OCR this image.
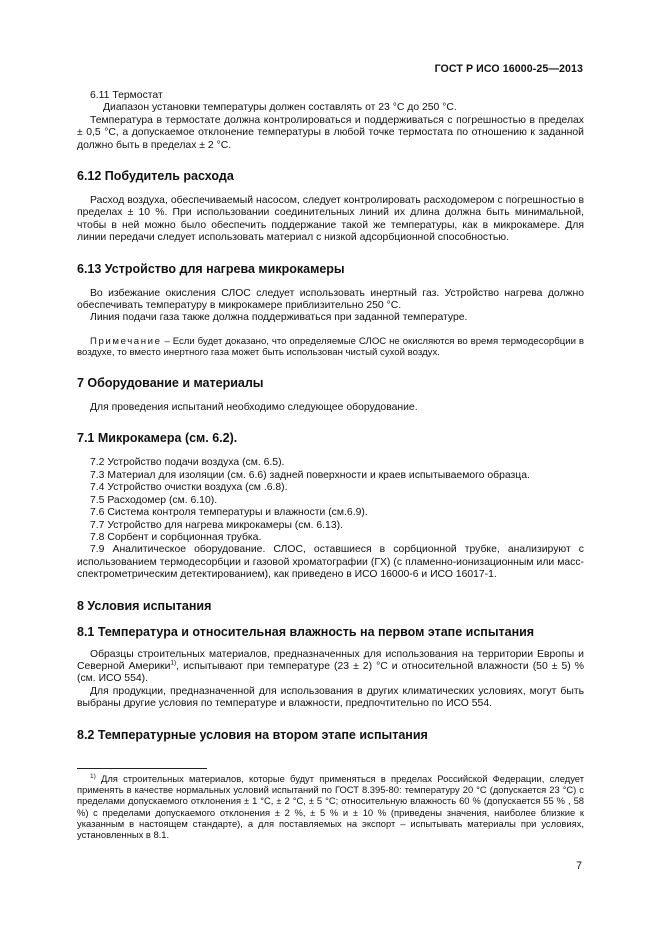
ГОСТ Р ИСО 16000-25—2013

6.11 Термостат

Диапазон установки температуры должен составлять от 23 °С до 250 °С.

Температура в термостате должна контролироваться и поддерживаться с погрешностью в пределах ± 0,5 °С, а допускаемое отклонение температуры в любой точке термостата по отношению к заданной должно быть в пределах ± 2 °С.

6.12 Побудитель расхода

Расход воздуха, обеспечиваемый насосом, следует контролировать расходомером с погрешностью в пределах ± 10 %. При использовании соединительных линий их длина должна быть минимальной, чтобы в ней можно было обеспечить поддержание такой же температуры, как в микрокамере. Для линии передачи следует использовать материал с низкой адсорбционной способностью.

6.13 Устройство для нагрева микрокамеры

Во избежание окисления СЛОС следует использовать инертный газ. Устройство нагрева должно обеспечивать температуру в микрокамере приблизительно 250 °С.

Линия подачи газа также должна поддерживаться при заданной температуре.

Примечание – Если будет доказано, что определяемые СЛОС не окисляются во время термодесорбции в воздухе, то вместо инертного газа может быть использован чистый сухой воздух.

7 Оборудование и материалы

Для проведения испытаний необходимо следующее оборудование.

7.1 Микрокамера (см. 6.2).

7.2 Устройство подачи воздуха (см. 6.5).

7.3 Материал для изоляции (см. 6.6) задней поверхности и краев испытываемого образца.

7.4 Устройство очистки воздуха (см .6.8).

7.5 Расходомер (см. 6.10).

7.6 Система контроля температуры и влажности (см.6.9).

7.7 Устройство для нагрева микрокамеры (см. 6.13).

7.8 Сорбент и сорбционная трубка.

7.9 Аналитическое оборудование. СЛОС, оставшиеся в сорбционной трубке, анализируют с использованием термодесорбции и газовой хроматографии (ГХ) (с пламенно-ионизационным или масс-спектрометрическим детектированием), как приведено в ИСО 16000-6 и ИСО 16017-1.

8 Условия испытания
8.1 Температура и относительная влажность на первом этапе испытания

Образцы строительных материалов, предназначенных для использования на территории Европы и Северной Америки$^{1)}$, испытывают при температуре (23 ± 2) °С и относительной влажности (50 ± 5) % (см. ИСО 554).

Для продукции, предназначенной для использования в других климатических условиях, могут быть выбраны другие условия по температуре и влажности, предпочтительно по ИСО 554.

8.2 Температурные условия на втором этапе испытания

$^{1)}$ Для строительных материалов, которые будут применяться в пределах Российской Федерации, следует применять в качестве нормальных условий испытаний по ГОСТ 8.395-80: температуру 20 °С (допускается 23 °С) с пределами допускаемого отклонения ± 1 °С, ± 2 °С, ± 5 °С; относительную влажность 60 % (допускается 55 % , 58 %) с пределами допускаемого отклонения ± 2 %, ± 5 % и ± 10 % (приведены значения, наиболее близкие к указанным в настоящем стандарте), а для поставляемых на экспорт – испытывать материалы при условиях, установленных в 8.1.

7
